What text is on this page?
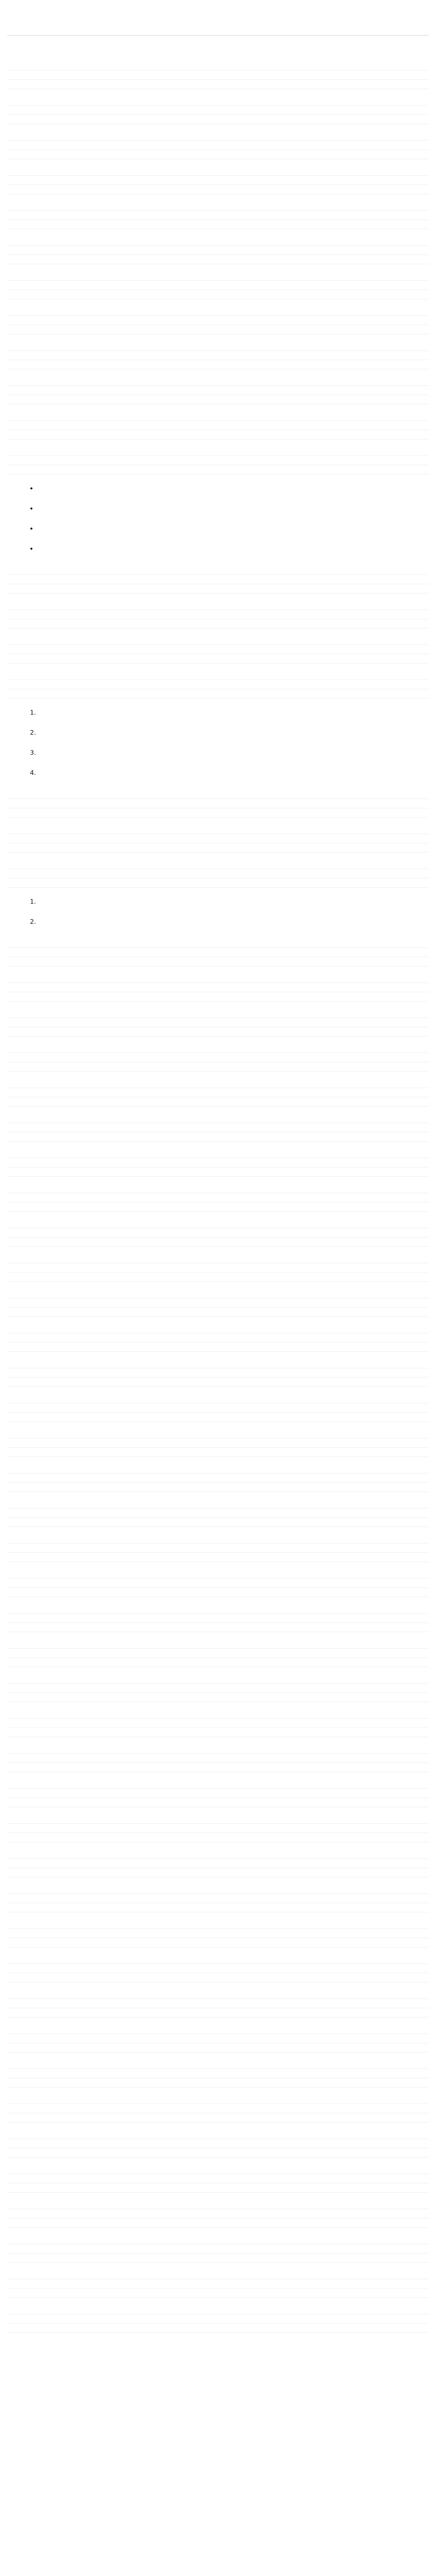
•
•
•
•

1.
2.
3.
4.

1.
2.
